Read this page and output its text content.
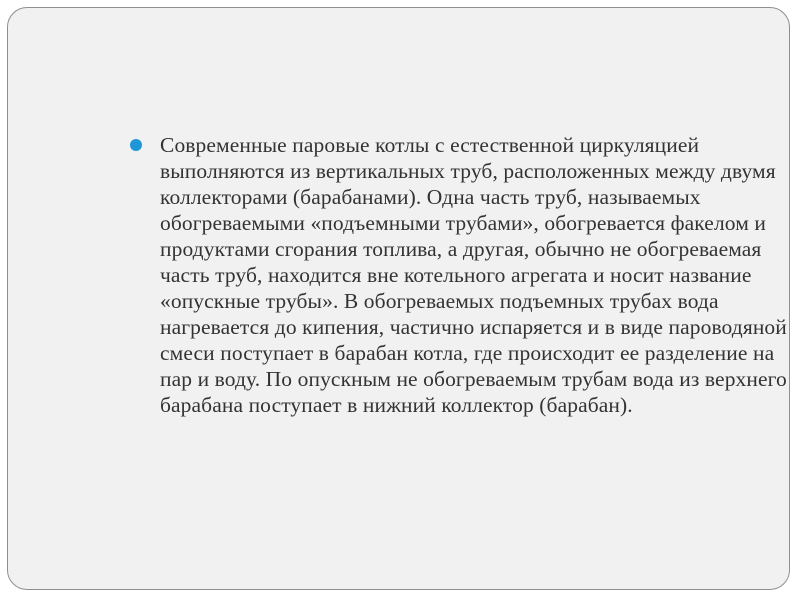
Современные паровые котлы с естественной циркуляцией выполняются из вертикальных труб, расположенных между двумя коллекторами (барабанами). Одна часть труб, называемых обогреваемыми «подъемными трубами», обогревается факелом и продуктами сгорания топлива, а другая, обычно не обогреваемая часть труб, находится вне котельного агрегата и носит название «опускные трубы». В обогреваемых подъемных трубах вода нагревается до кипения, частично испаряется и в виде пароводяной смеси поступает в барабан котла, где происходит ее разделение на пар и воду. По опускным не обогреваемым трубам вода из верхнего барабана поступает в нижний коллектор (барабан).
